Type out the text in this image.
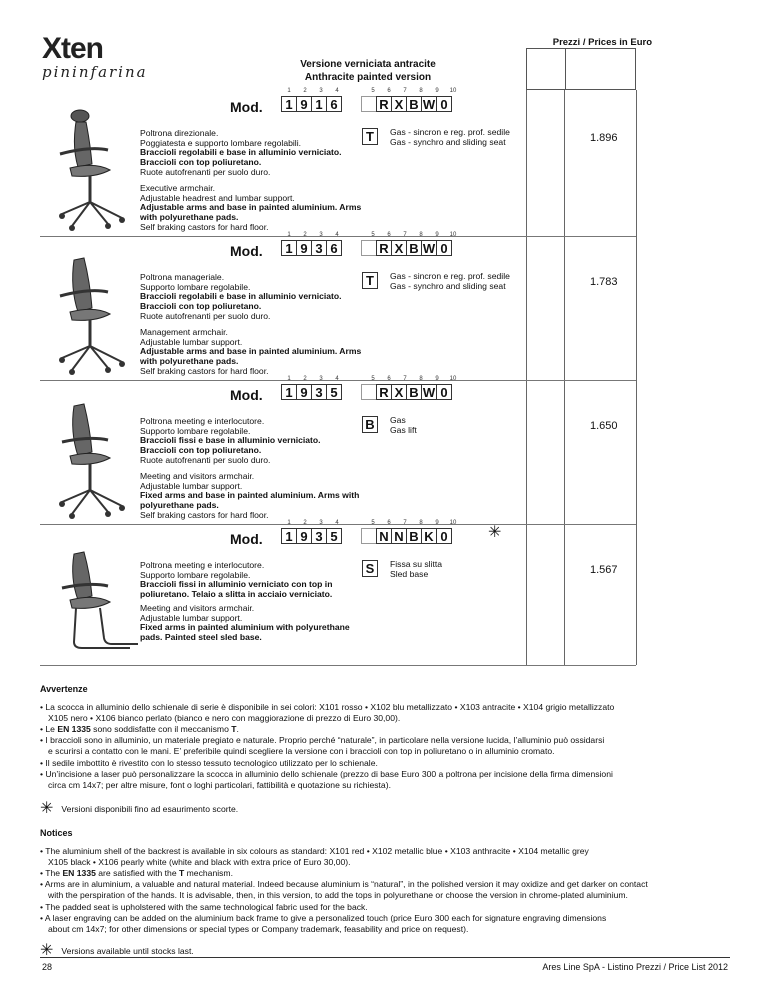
Xten
pininfarina
Prezzi / Prices in Euro
Versione verniciata antracite
Anthracite painted version
Mod.
1	2	3	4	5	6	7	8	9	10
1 9 1 6	R X B W 0
Poltrona direzionale.
Poggiatesta e supporto lombare regolabili.
Braccioli regolabili e base in alluminio verniciato. Braccioli con top poliuretano.
Ruote autofrenanti per suolo duro.
Executive armchair.
Adjustable headrest and lumbar support.
Adjustable arms and base in painted aluminium. Arms with polyurethane pads.
Self braking castors for hard floor.
T	Gas - sincron e reg. prof. sedile
Gas - synchro and sliding seat	1.896
Mod.
1	2	3	4	5	6	7	8	9	10
1 9 3 6	R X B W 0
Poltrona manageriale.
Supporto lombare regolabile.
Braccioli regolabili e base in alluminio verniciato. Braccioli con top poliuretano.
Ruote autofrenanti per suolo duro.
Management armchair.
Adjustable lumbar support.
Adjustable arms and base in painted aluminium. Arms with polyurethane pads.
Self braking castors for hard floor.
T	Gas - sincron e reg. prof. sedile
Gas - synchro and sliding seat	1.783
Mod.
1	2	3	4	5	6	7	8	9	10
1 9 3 5	R X B W 0
Poltrona meeting e interlocutore.
Supporto lombare regolabile.
Braccioli fissi e base in alluminio verniciato. Braccioli con top poliuretano.
Ruote autofrenanti per suolo duro.
Meeting and visitors armchair.
Adjustable lumbar support.
Fixed arms and base in painted aluminium. Arms with polyurethane pads.
Self braking castors for hard floor.
B	Gas
Gas lift	1.650
Mod.
1	2	3	4	5	6	7	8	9	10
1 9 3 5	N N B K 0	✳
Poltrona meeting e interlocutore.
Supporto lombare regolabile.
Braccioli fissi in alluminio verniciato con top in poliuretano. Telaio a slitta in acciaio verniciato.
Meeting and visitors armchair.
Adjustable lumbar support.
Fixed arms in painted aluminium with polyurethane pads. Painted steel sled base.
S	Fissa su slitta
Sled base	1.567
Avvertenze

• La scocca in alluminio dello schienale di serie è disponibile in sei colori: X101 rosso • X102 blu metallizzato • X103 antracite • X104 grigio metallizzato

X105 nero • X106 bianco perlato (bianco e nero con maggiorazione di prezzo di Euro 30,00).

• Le EN 1335 sono soddisfatte con il meccanismo T.

• I braccioli sono in alluminio, un materiale pregiato e naturale. Proprio perché “naturale”, in particolare nella versione lucida, l’alluminio può ossidarsi

e scurirsi a contatto con le mani. E’ preferibile quindi scegliere la versione con i braccioli con top in poliuretano o in alluminio cromato.

• Il sedile imbottito è rivestito con lo stesso tessuto tecnologico utilizzato per lo schienale.

• Un’incisione a laser può personalizzare la scocca in alluminio dello schienale (prezzo di base Euro 300 a poltrona per incisione della firma dimensioni

circa cm 14x7; per altre misure, font o loghi particolari, fattibilità e quotazione su richiesta).

✳ Versioni disponibili fino ad esaurimento scorte.
Notices

• The aluminium shell of the backrest is available in six colours as standard: X101 red • X102 metallic blue • X103 anthracite • X104 metallic grey

X105 black • X106 pearly white (white and black with extra price of Euro 30,00).

• The EN 1335 are satisfied with the T mechanism.

• Arms are in aluminium, a valuable and natural material. Indeed because aluminium is “natural”, in the polished version it may oxidize and get darker on contact

with the perspiration of the hands. It is advisable, then, in this version, to add the tops in polyurethane or choose the version in chrome-plated aluminium.

• The padded seat is upholstered with the same technological fabric used for the back.

• A laser engraving can be added on the aluminium back frame to give a personalized touch (price Euro 300 each for signature engraving dimensions

about cm 14x7; for other dimensions or special types or Company trademark, feasability and price on request).

✳ Versions available until stocks last.
28	Ares Line SpA - Listino Prezzi / Price List 2012
